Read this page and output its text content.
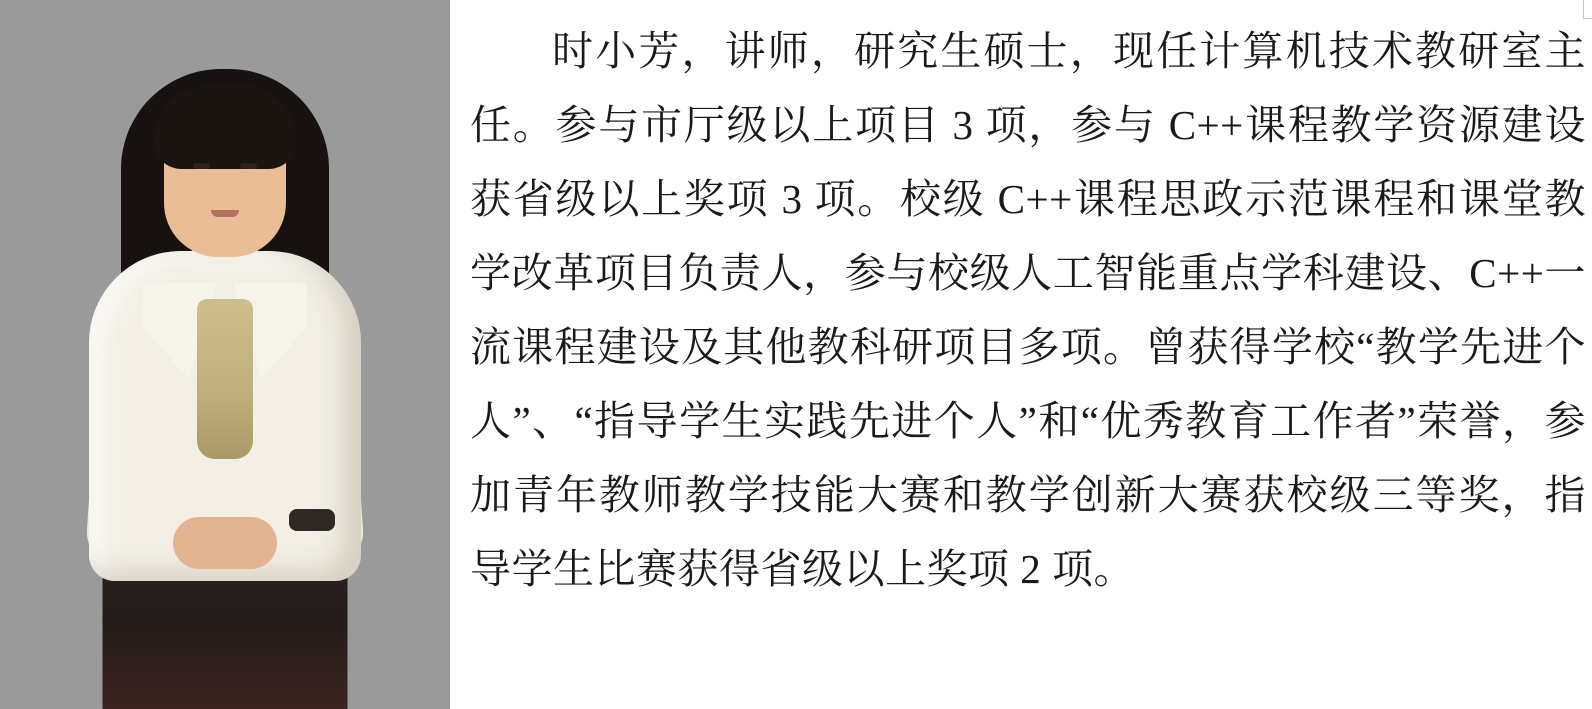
时小芳，讲师，研究生硕士，现任计算机技术教研室主任。参与市厅级以上项目 3 项，参与 C++课程教学资源建设获省级以上奖项 3 项。校级 C++课程思政示范课程和课堂教学改革项目负责人，参与校级人工智能重点学科建设、C++一流课程建设及其他教科研项目多项。曾获得学校“教学先进个人”、“指导学生实践先进个人”和“优秀教育工作者”荣誉，参加青年教师教学技能大赛和教学创新大赛获校级三等奖，指导学生比赛获得省级以上奖项 2 项。
